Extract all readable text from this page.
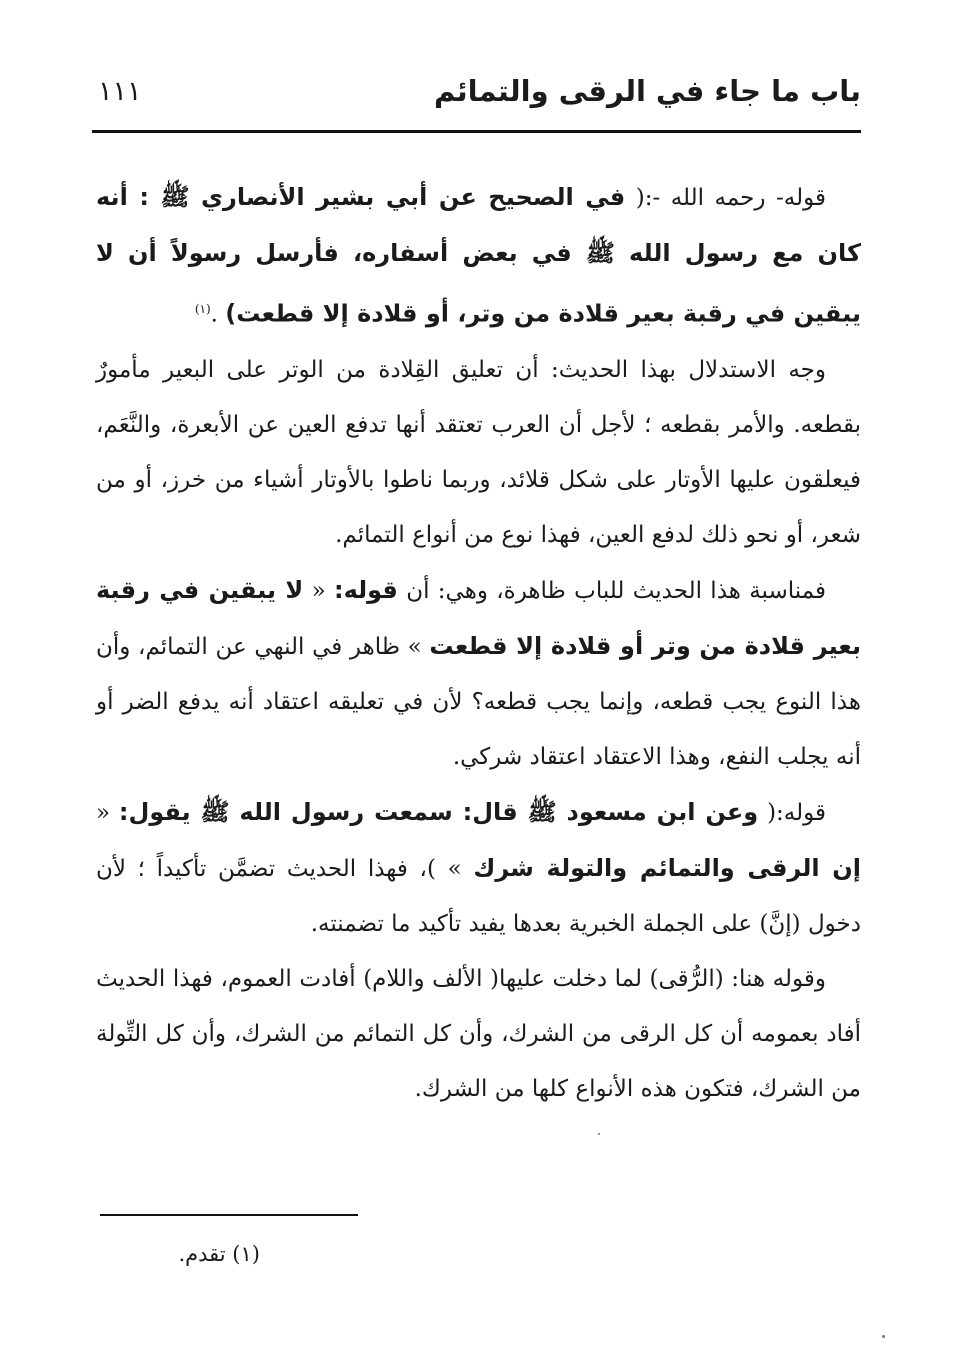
باب ما جاء في الرقى والتمائم
١١١

قوله- رحمه الله -:( في الصحيح عن أبي بشير الأنصاري ﷺ : أنه كان مع رسول الله ﷺ في بعض أسفاره، فأرسل رسولاً أن لا يبقين في رقبة بعير قلادة من وتر، أو قلادة إلا قطعت) .$^{(١)}$

وجه الاستدلال بهذا الحديث: أن تعليق القِلادة من الوتر على البعير مأمورٌ بقطعه. والأمر بقطعه ؛ لأجل أن العرب تعتقد أنها تدفع العين عن الأبعرة، والنَّعَم، فيعلقون عليها الأوتار على شكل قلائد، وربما ناطوا بالأوتار أشياء من خرز، أو من شعر، أو نحو ذلك لدفع العين، فهذا نوع من أنواع التمائم.

فمناسبة هذا الحديث للباب ظاهرة، وهي: أن قوله: « لا يبقين في رقبة بعير قلادة من وتر أو قلادة إلا قطعت » ظاهر في النهي عن التمائم، وأن هذا النوع يجب قطعه، وإنما يجب قطعه؟ لأن في تعليقه اعتقاد أنه يدفع الضر أو أنه يجلب النفع، وهذا الاعتقاد اعتقاد شركي.

قوله:( وعن ابن مسعود ﷺ قال: سمعت رسول الله ﷺ يقول: « إن الرقى والتمائم والتولة شرك » )، فهذا الحديث تضمَّن تأكيداً ؛ لأن دخول (إنَّ) على الجملة الخبرية بعدها يفيد تأكيد ما تضمنته.

وقوله هنا: (الرُّقى) لما دخلت عليها( الألف واللام) أفادت العموم، فهذا الحديث أفاد بعمومه أن كل الرقى من الشرك، وأن كل التمائم من الشرك، وأن كل التِّولة من الشرك، فتكون هذه الأنواع كلها من الشرك.

(١) تقدم.
